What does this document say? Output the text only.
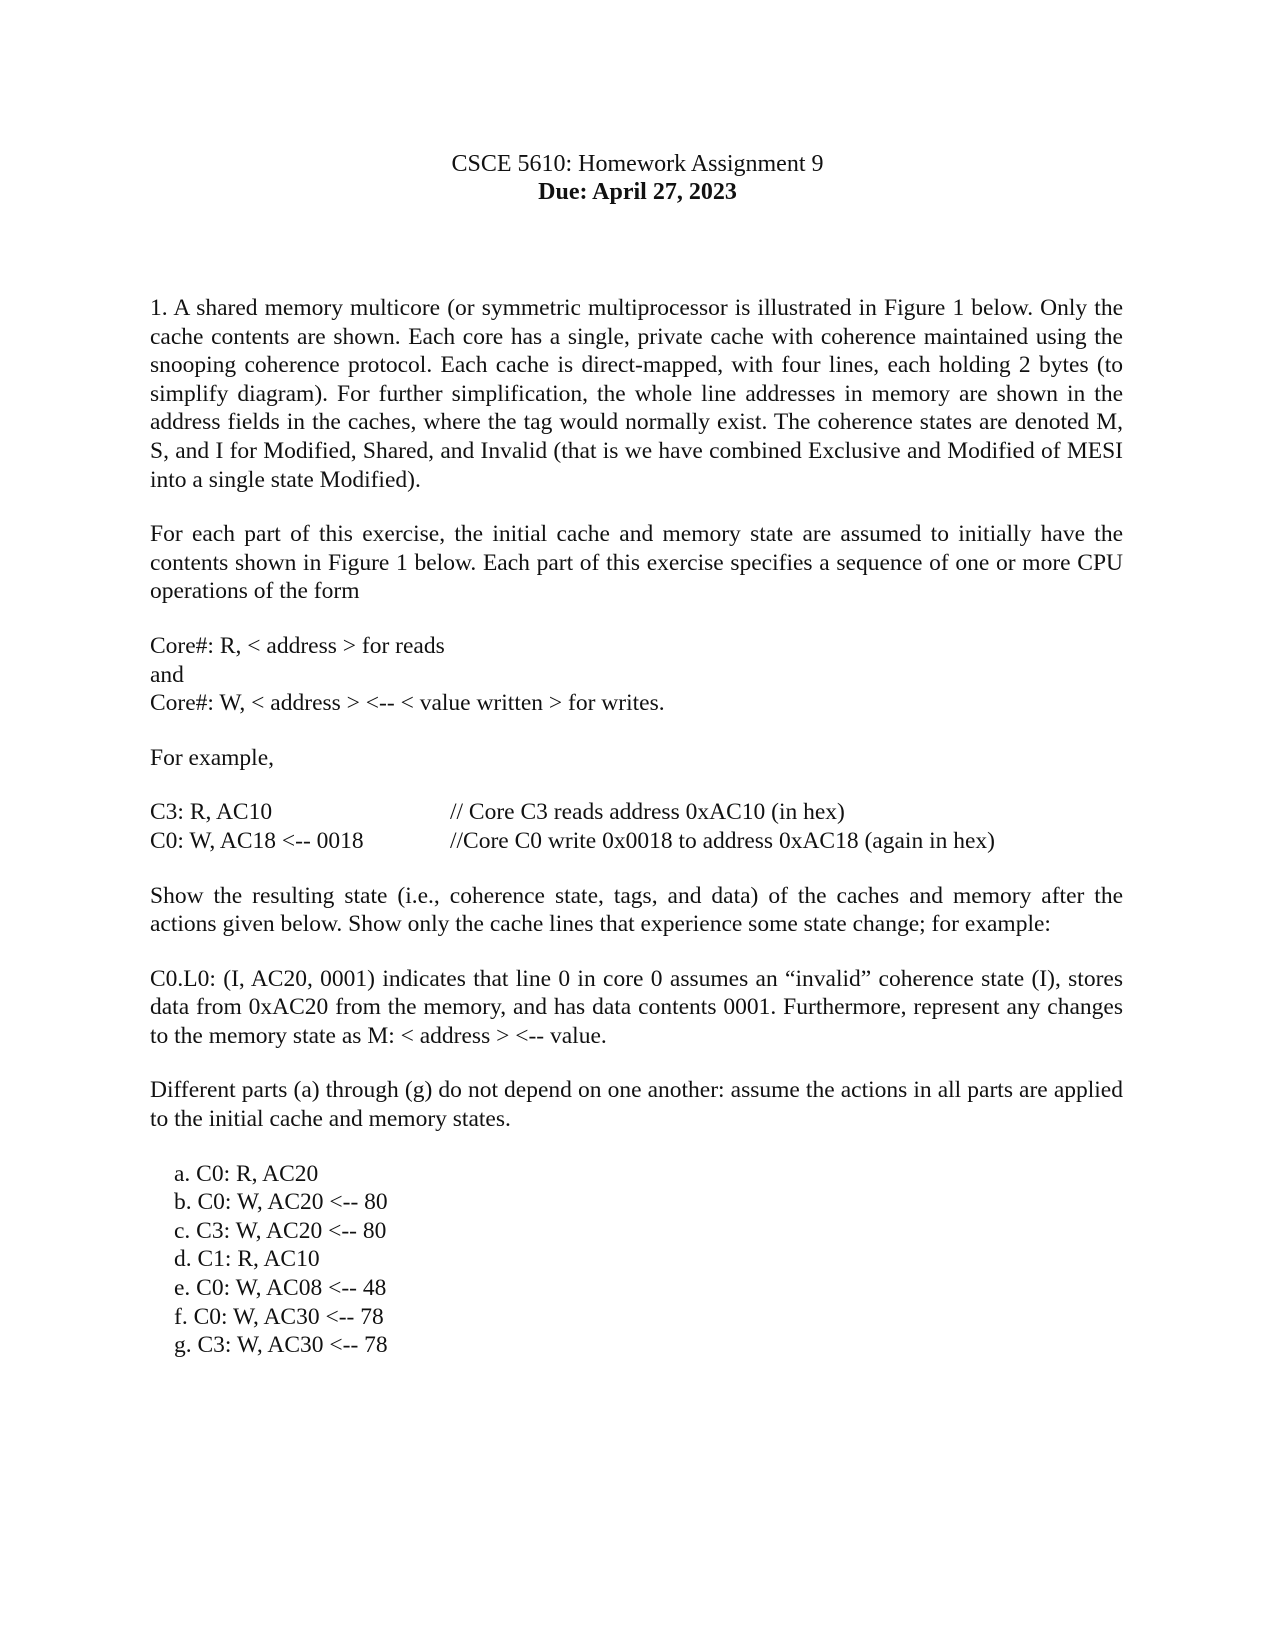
CSCE 5610: Homework Assignment 9
Due: April 27, 2023

1. A shared memory multicore (or symmetric multiprocessor is illustrated in Figure 1 below. Only the cache contents are shown. Each core has a single, private cache with coherence maintained using the snooping coherence protocol. Each cache is direct-mapped, with four lines, each holding 2 bytes (to simplify diagram). For further simplification, the whole line addresses in memory are shown in the address fields in the caches, where the tag would normally exist. The coherence states are denoted M, S, and I for Modified, Shared, and Invalid (that is we have combined Exclusive and Modified of MESI into a single state Modified).

For each part of this exercise, the initial cache and memory state are assumed to initially have the contents shown in Figure 1 below. Each part of this exercise specifies a sequence of one or more CPU operations of the form

Core#: R, < address > for reads

and

Core#: W, < address > <-- < value written > for writes.

For example,

C3: R, AC10	// Core C3 reads address 0xAC10 (in hex)
C0: W, AC18 <-- 0018	//Core C0 write 0x0018 to address 0xAC18 (again in hex)

Show the resulting state (i.e., coherence state, tags, and data) of the caches and memory after the actions given below. Show only the cache lines that experience some state change; for example:

C0.L0: (I, AC20, 0001) indicates that line 0 in core 0 assumes an “invalid” coherence state (I), stores data from 0xAC20 from the memory, and has data contents 0001. Furthermore, represent any changes to the memory state as M: < address > <-- value.

Different parts (a) through (g) do not depend on one another: assume the actions in all parts are applied to the initial cache and memory states.

a. C0: R, AC20
b. C0: W, AC20 <-- 80
c. C3: W, AC20 <-- 80
d. C1: R, AC10
e. C0: W, AC08 <-- 48
f. C0: W, AC30 <-- 78
g. C3: W, AC30 <-- 78
